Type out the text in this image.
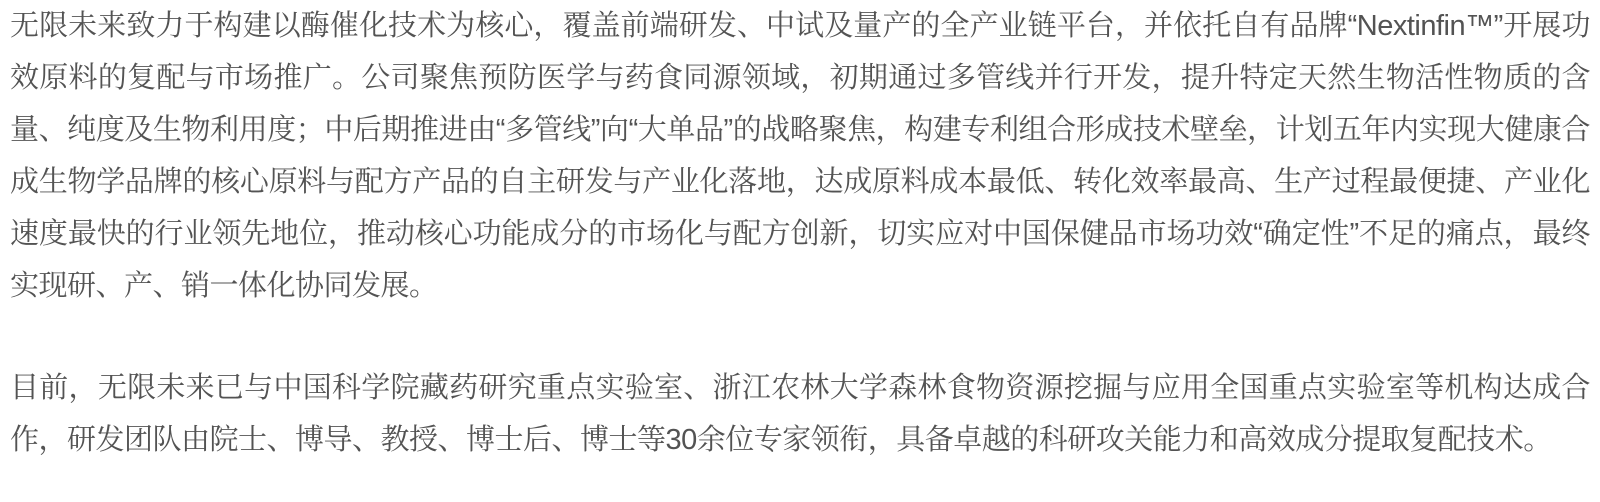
无限未来致力于构建以酶催化技术为核心，覆盖前端研发、中试及量产的全产业链平台，并依托自有品牌“Nextinfin™”开展功效原料的复配与市场推广。公司聚焦预防医学与药食同源领域，初期通过多管线并行开发，提升特定天然生物活性物质的含量、纯度及生物利用度；中后期推进由“多管线”向“大单品”的战略聚焦，构建专利组合形成技术壁垒，计划五年内实现大健康合成生物学品牌的核心原料与配方产品的自主研发与产业化落地，达成原料成本最低、转化效率最高、生产过程最便捷、产业化速度最快的行业领先地位，推动核心功能成分的市场化与配方创新，切实应对中国保健品市场功效“确定性”不足的痛点，最终实现研、产、销一体化协同发展。

目前，无限未来已与中国科学院藏药研究重点实验室、浙江农林大学森林食物资源挖掘与应用全国重点实验室等机构达成合作，研发团队由院士、博导、教授、博士后、博士等30余位专家领衔，具备卓越的科研攻关能力和高效成分提取复配技术。
